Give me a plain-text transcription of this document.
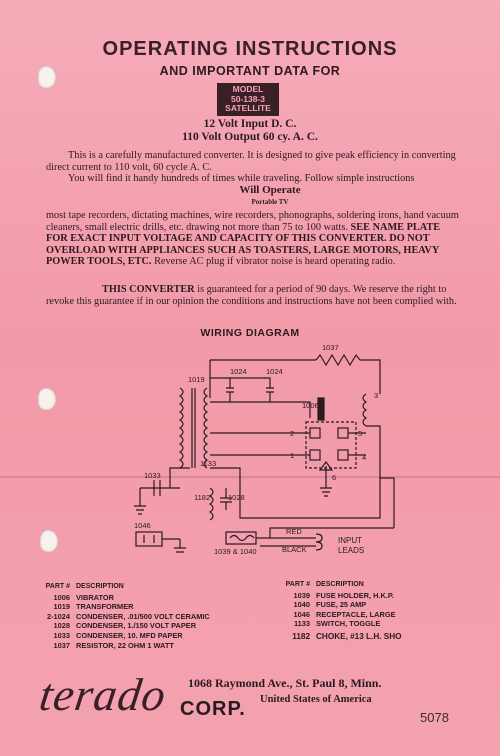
OPERATING INSTRUCTIONS
AND IMPORTANT DATA FOR
MODEL
50-138-3
SATELLITE
12 Volt Input D. C.
110 Volt Output 60 cy. A. C.
This is a carefully manufactured converter. It is designed to give peak efficiency in converting direct current to 110 volt, 60 cycle A. C.
You will find it handy hundreds of times while traveling. Follow simple instructions
Will Operate
Portable TV
most tape recorders, dictating machines, wire recorders, phonographs, soldering irons, hand vacuum cleaners, small electric drills, etc. drawing not more than 75 to 100 watts. SEE NAME PLATE FOR EXACT INPUT VOLTAGE AND CAPACITY OF THIS CONVERTER. DO NOT OVERLOAD WITH APPLIANCES SUCH AS TOASTERS, LARGE MOTORS, HEAVY POWER TOOLS, ETC. Reverse AC plug if vibrator noise is heard operating radio.
THIS CONVERTER is guaranteed for a period of 90 days. We reserve the right to revoke this guarantee if in our opinion the conditions and instructions have not been complied with.
WIRING DIAGRAM
1037
1019
1024	1024
1006
2
1
5
4
3
6
1133
1033
1182 1028
1046
1039 & 1040
RED
BLACK
INPUT
LEADS
PART # DESCRIPTION
1006 VIBRATOR
1019 TRANSFORMER
2-1024 CONDENSER, .01/500 VOLT CERAMIC
1028 CONDENSER, 1./150 VOLT PAPER
1033 CONDENSER, 10. MFD PAPER
1037 RESISTOR, 22 OHM 1 WATT
PART # DESCRIPTION
1039 FUSE HOLDER, H.K.P.
1040 FUSE, 25 AMP
1046 RECEPTACLE, LARGE
1133 SWITCH, TOGGLE
1182 CHOKE, #13 L.H. SHO
terado 1068 Raymond Ave., St. Paul 8, Minn.
United States of America
CORP.	5078
